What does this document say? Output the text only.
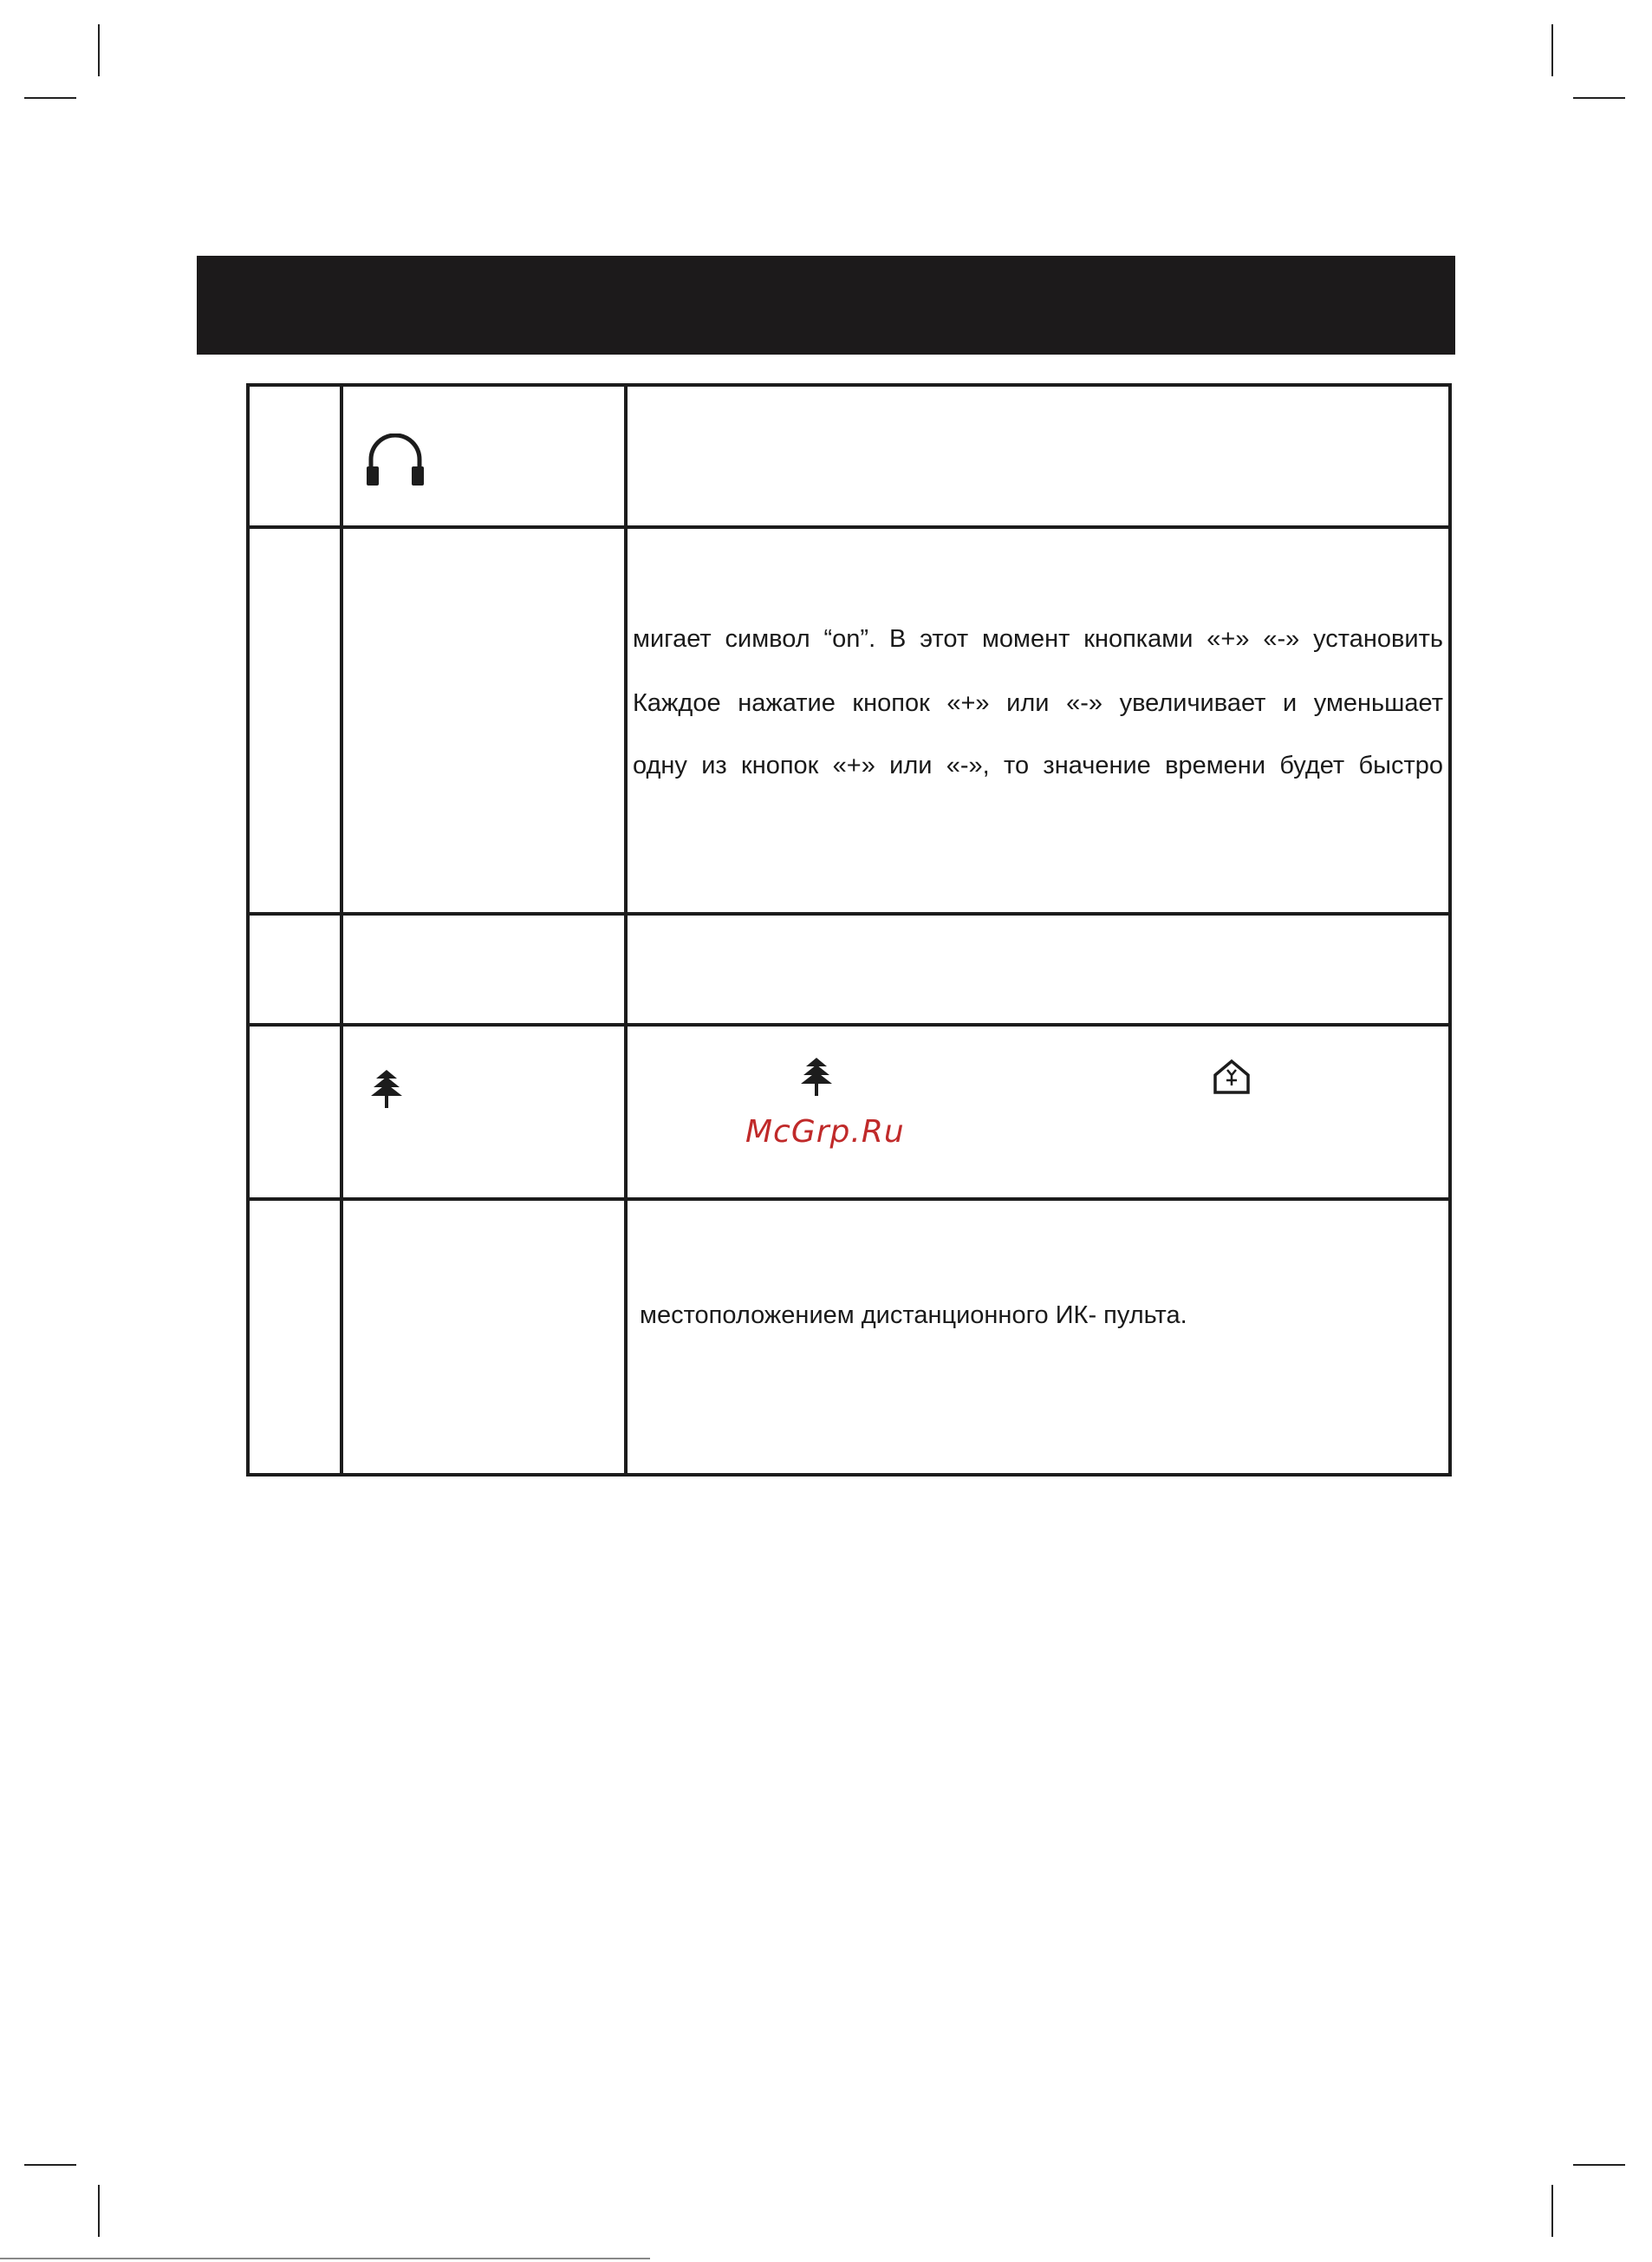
мигает символ “on”. В этот момент кнопками «+» «-» установить
Каждое нажатие кнопок «+» или «-» увеличивает и уменьшает
одну из кнопок «+» или «-», то значение времени будет быстро
McGrp.Ru
местоположением дистанционного ИК- пульта.
